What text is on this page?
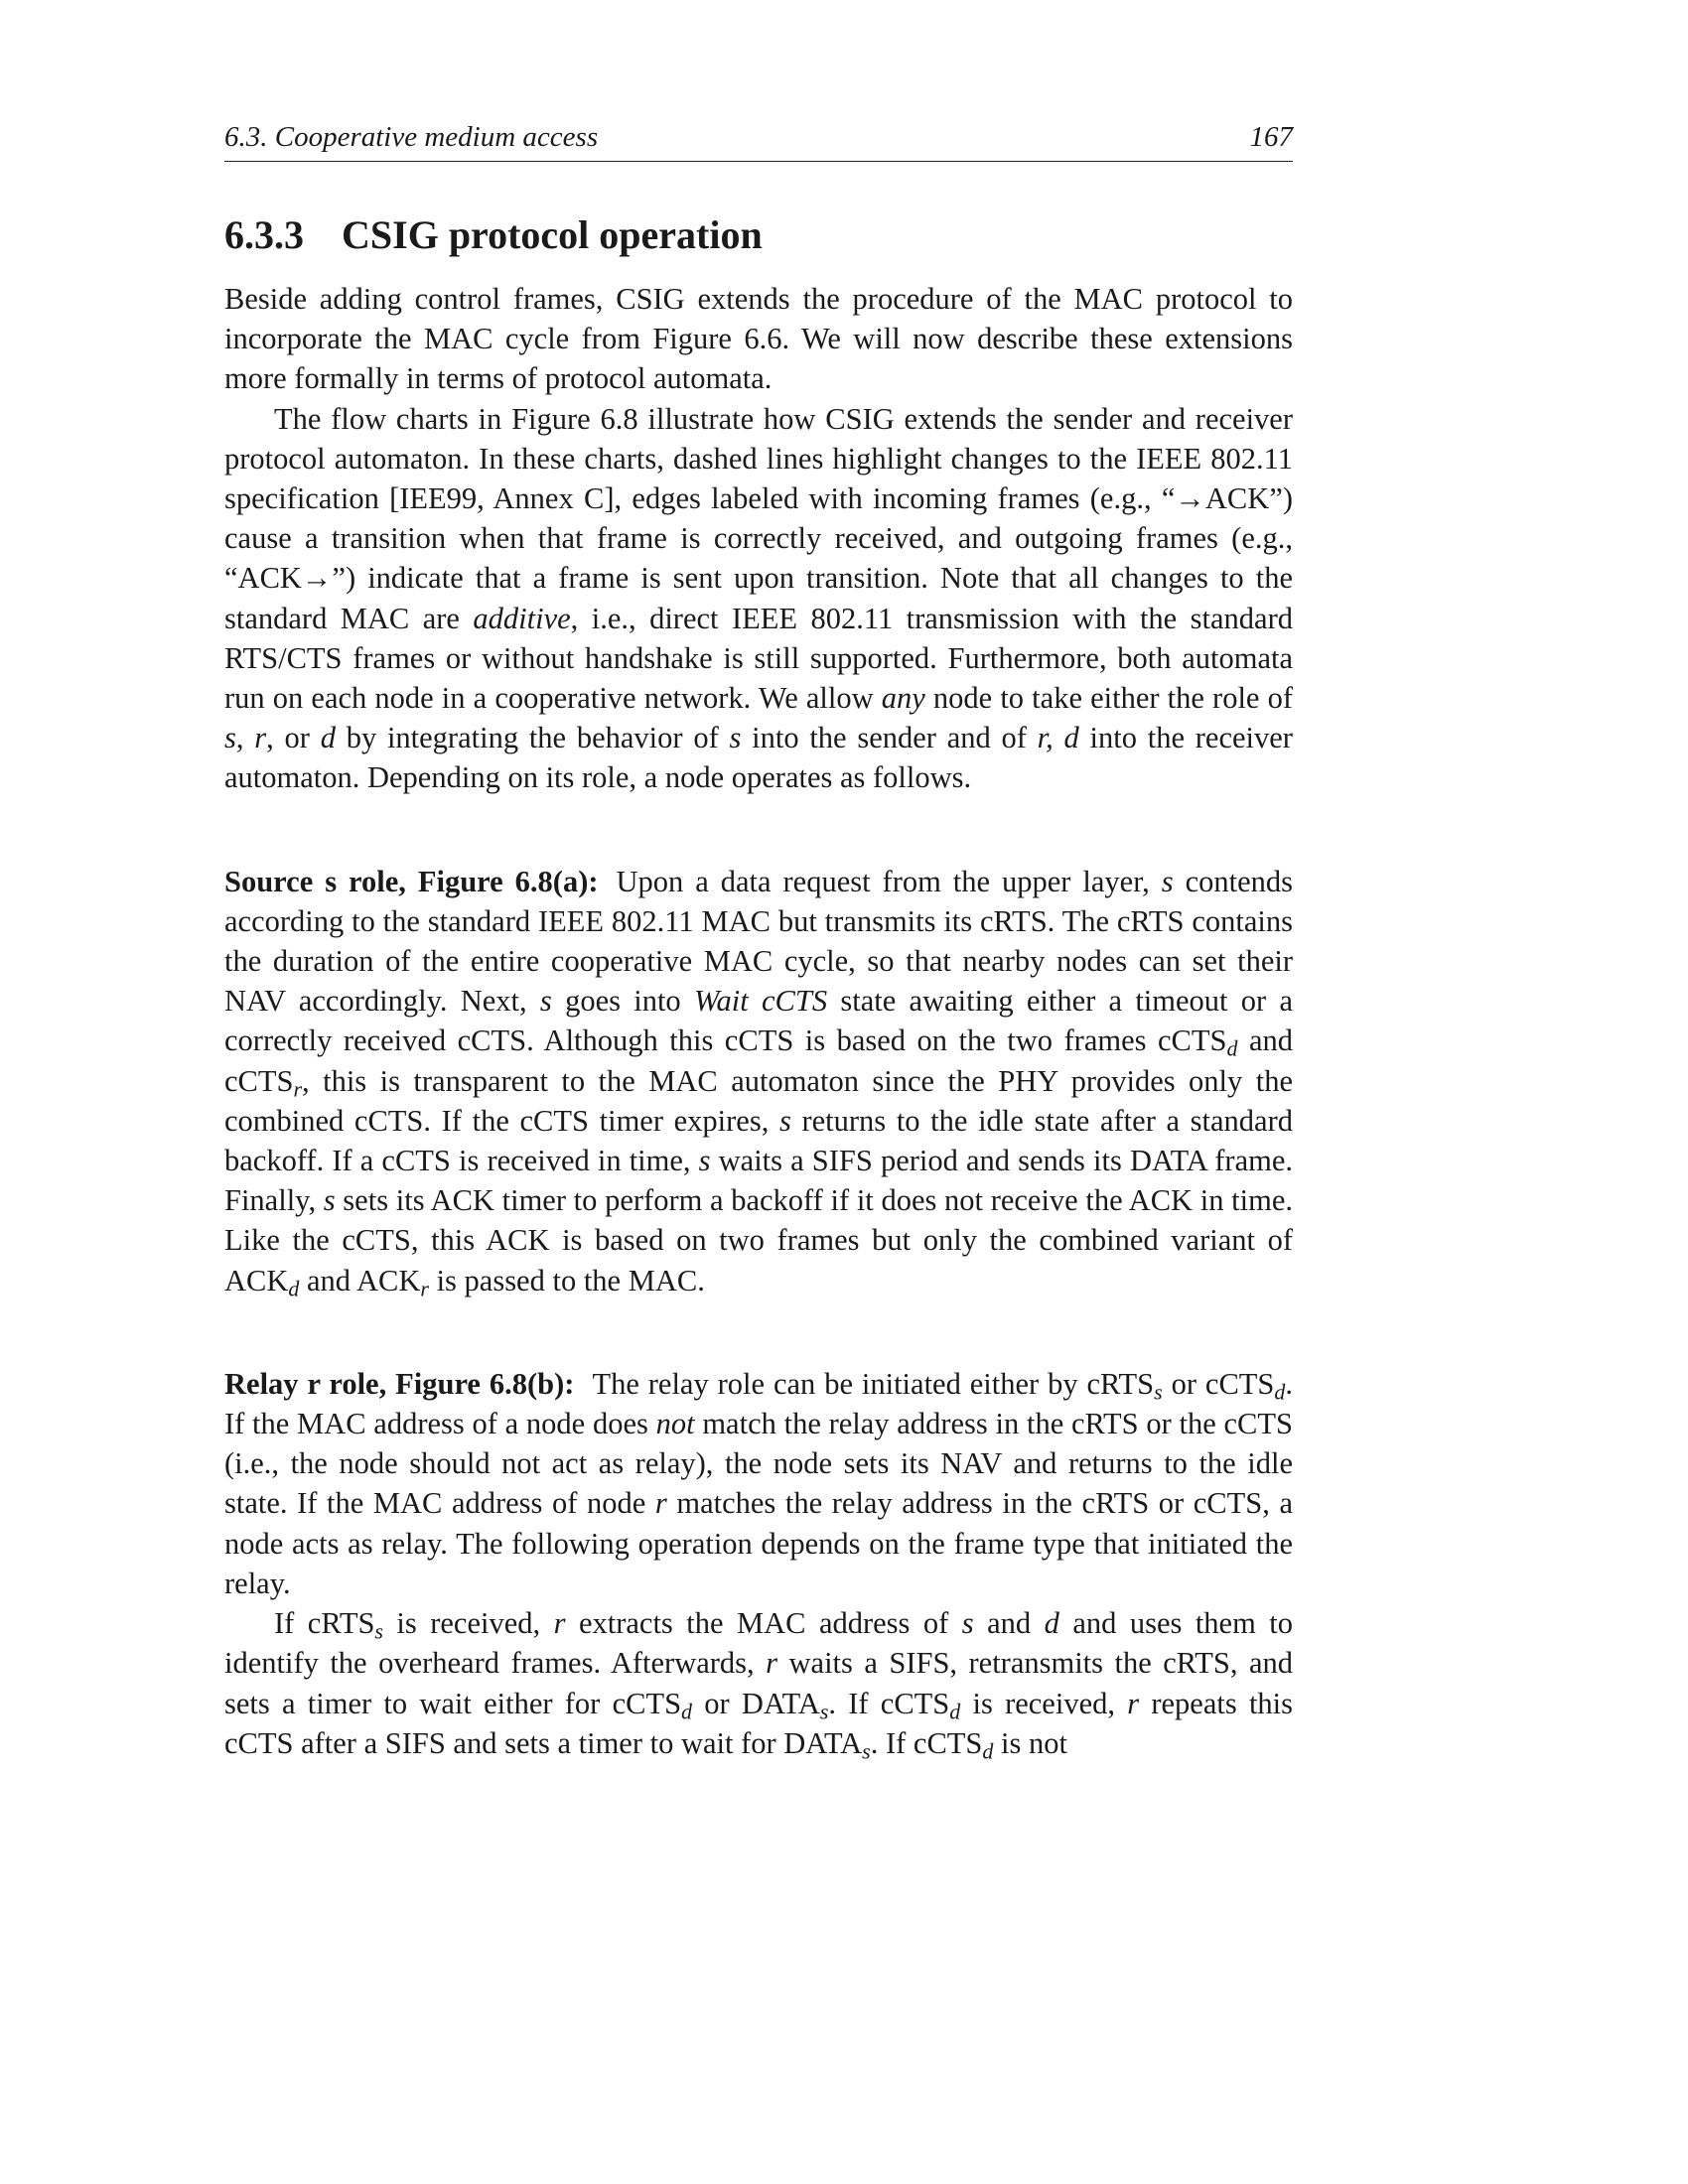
6.3. Cooperative medium access	167
6.3.3 CSIG protocol operation

Beside adding control frames, CSIG extends the procedure of the MAC protocol to incorporate the MAC cycle from Figure 6.6. We will now describe these extensions more formally in terms of protocol automata.

The flow charts in Figure 6.8 illustrate how CSIG extends the sender and receiver protocol automaton. In these charts, dashed lines highlight changes to the IEEE 802.11 specification [IEE99, Annex C], edges labeled with incoming frames (e.g., “→ACK”) cause a transition when that frame is correctly received, and outgoing frames (e.g., “ACK→”) indicate that a frame is sent upon transition. Note that all changes to the standard MAC are additive, i.e., direct IEEE 802.11 transmission with the standard RTS/CTS frames or without handshake is still supported. Furthermore, both automata run on each node in a cooperative network. We allow any node to take either the role of s, r, or d by integrating the behavior of s into the sender and of r, d into the receiver automaton. Depending on its role, a node operates as follows.

Source s role, Figure 6.8(a): Upon a data request from the upper layer, s contends according to the standard IEEE 802.11 MAC but transmits its cRTS. The cRTS contains the duration of the entire cooperative MAC cycle, so that nearby nodes can set their NAV accordingly. Next, s goes into Wait cCTS state awaiting either a timeout or a correctly received cCTS. Although this cCTS is based on the two frames cCTS$_d$ and cCTS$_r$, this is transparent to the MAC automaton since the PHY provides only the combined cCTS. If the cCTS timer expires, s returns to the idle state after a standard backoff. If a cCTS is received in time, s waits a SIFS period and sends its DATA frame. Finally, s sets its ACK timer to perform a backoff if it does not receive the ACK in time. Like the cCTS, this ACK is based on two frames but only the combined variant of $ACK_d$ and $ACK_r$ is passed to the MAC.

Relay r role, Figure 6.8(b): The relay role can be initiated either by cRTS$_s$ or cCTS$_d$. If the MAC address of a node does not match the relay address in the cRTS or the cCTS (i.e., the node should not act as relay), the node sets its NAV and returns to the idle state. If the MAC address of node r matches the relay address in the cRTS or cCTS, a node acts as relay. The following operation depends on the frame type that initiated the relay.

If cRTS$_s$ is received, r extracts the MAC address of s and d and uses them to identify the overheard frames. Afterwards, r waits a SIFS, retransmits the cRTS, and sets a timer to wait either for cCTS$_d$ or $DATA_s$. If cCTS$_d$ is received, r repeats this cCTS after a SIFS and sets a timer to wait for $DATA_s$. If cCTS$_d$ is not
